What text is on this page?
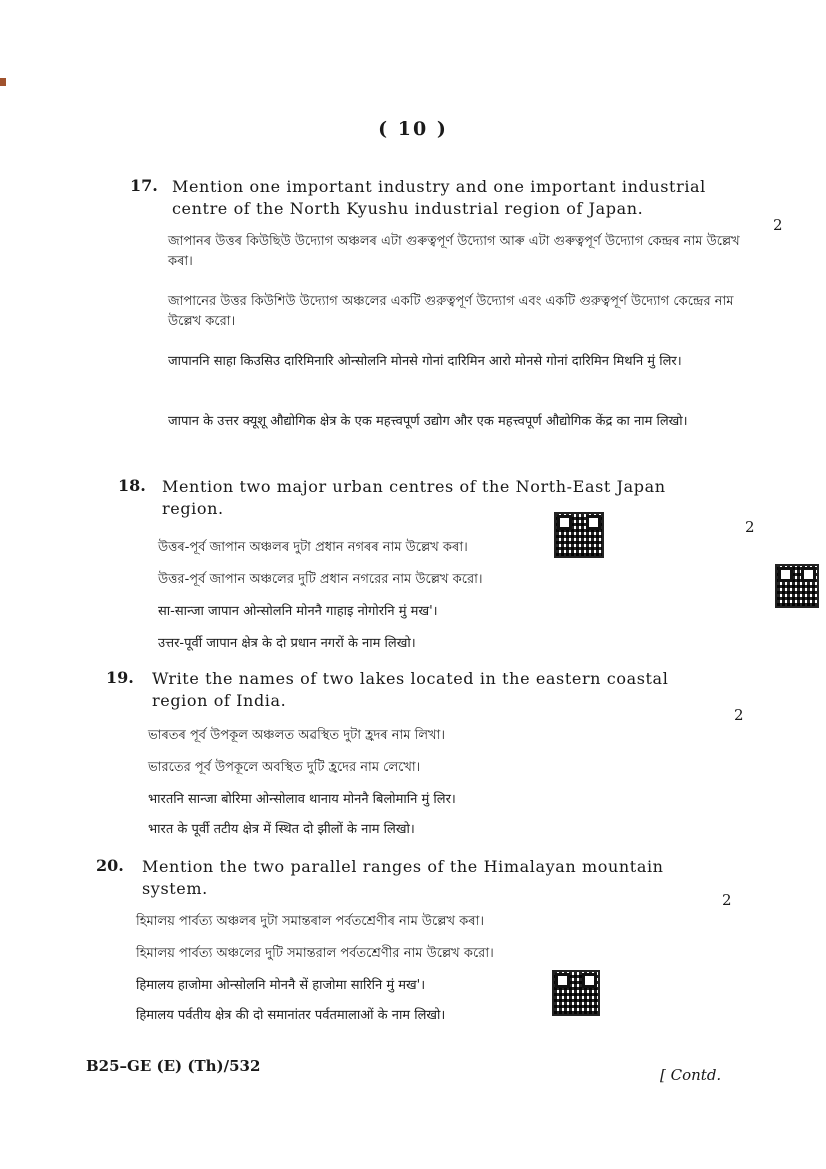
( 10 )
17. Mention one important industry and one important industrial centre of the North Kyushu industrial region of Japan.
2
জাপানৰ উত্তৰ কিউছিউ উদ্যোগ অঞ্চলৰ এটা গুৰুত্বপূৰ্ণ উদ্যোগ আৰু এটা গুৰুত্বপূৰ্ণ উদ্যোগ কেন্দ্ৰৰ নাম উল্লেখ কৰা।
জাপানের উত্তর কিউশিউ উদ্যোগ অঞ্চলের একটি গুরুত্বপূর্ণ উদ্যোগ এবং একটি গুরুত্বপূর্ণ উদ্যোগ কেন্দ্রের নাম উল্লেখ করো।
जापाननि साहा किउसिउ दारिमिनारि ओन्सोलनि मोनसे गोनां दारिमिन आरो मोनसे गोनां दारिमिन मिथनि मुं लिर।
जापान के उत्तर क्यूशू औद्योगिक क्षेत्र के एक महत्त्वपूर्ण उद्योग और एक महत्त्वपूर्ण औद्योगिक केंद्र का नाम लिखो।
18. Mention two major urban centres of the North-East Japan region.
2
উত্তৰ-পূৰ্ব জাপান অঞ্চলৰ দুটা প্ৰধান নগৰৰ নাম উল্লেখ কৰা।
উত্তর-পূর্ব জাপান অঞ্চলের দুটি প্রধান নগরের নাম উল্লেখ করো।
सा-सान्जा जापान ओन्सोलनि मोननै गाहाइ नोगोरनि मुं मख'।
उत्तर-पूर्वी जापान क्षेत्र के दो प्रधान नगरों के नाम लिखो।
19. Write the names of two lakes located in the eastern coastal region of India.
2
ভাৰতৰ পূৰ্ব উপকূল অঞ্চলত অৱস্থিত দুটা হ্ৰদৰ নাম লিখা।
ভারতের পূর্ব উপকূলে অবস্থিত দুটি হ্রদের নাম লেখো।
भारतनि सान्जा बोरिमा ओन्सोलाव थानाय मोननै बिलोमानि मुं लिर।
भारत के पूर्वी तटीय क्षेत्र में स्थित दो झीलों के नाम लिखो।
20. Mention the two parallel ranges of the Himalayan mountain system.
2
হিমালয় পাৰ্বত্য অঞ্চলৰ দুটা সমান্তৰাল পৰ্বতশ্ৰেণীৰ নাম উল্লেখ কৰা।
হিমালয় পার্বত্য অঞ্চলের দুটি সমান্তরাল পর্বতশ্রেণীর নাম উল্লেখ করো।
हिमालय हाजोमा ओन्सोलनि मोननै सें हाजोमा सारिनि मुं मख'।
हिमालय पर्वतीय क्षेत्र की दो समानांतर पर्वतमालाओं के नाम लिखो।
B25–GE (E) (Th)/532	[ Contd.
